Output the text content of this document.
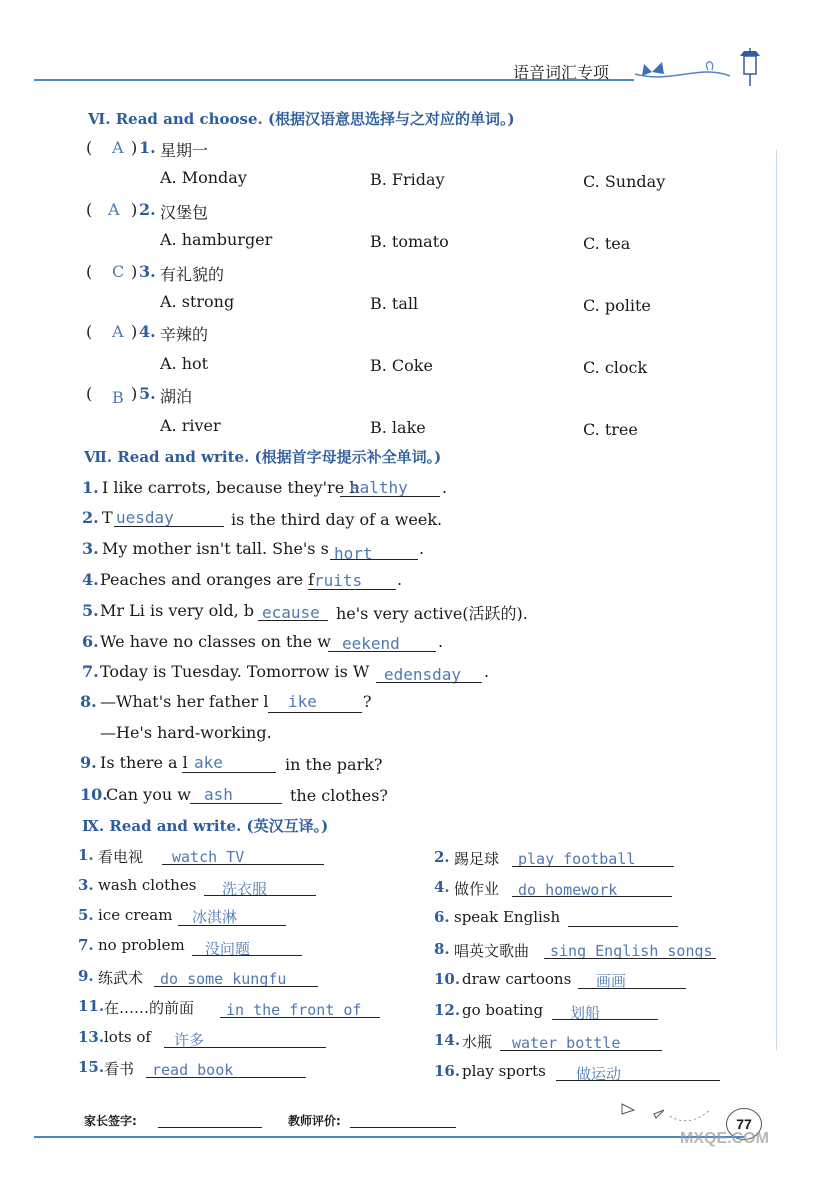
语音词汇专项
Ⅵ. Read and choose. (根据汉语意思选择与之对应的单词。)
( A ) 1. 星期一
A. Monday	B. Friday	C. Sunday
( A ) 2. 汉堡包
A. hamburger	B. tomato	C. tea
( C ) 3. 有礼貌的
A. strong	B. tall	C. polite
( A ) 4. 辛辣的
A. hot	B. Coke	C. clock
( B ) 5. 湖泊
A. river	B. lake	C. tree
Ⅶ. Read and write. (根据首字母提示补全单词。)
1. I like carrots, because they're h
ealthy .
2. T uesday	is the third day of a week.
3. My mother isn't tall. She's s hort	.
4. Peaches and oranges are f ruits .
5. Mr Li is very old, b ecause he's very active(活跃的).
6. We have no classes on the w eekend .
7. Today is Tuesday. Tomorrow is W edensday .
8. —What's her father l ike	?
—He's hard-working.
9. Is there a l ake	in the park?
10.
Can you w ash	the clothes?
Ⅸ. Read and write. (英汉互译。)
1. 看电视 watch TV
3. wash clothes 洗衣服
5. ice cream 冰淇淋
7. no problem 没问题
9. 练武术 do some kungfu
11. 在……的前面 in the front of
13. lots of 许多
15. 看书 read book
2. 踢足球 play football
4. 做作业 do homework
6. speak English
8. 唱英文歌曲 sing English songs
10. draw cartoons 画画
12. go boating 划船
14. 水瓶 water bottle
16. play sports 做运动
家长签字:	教师评价:	77
MXQE.COM
